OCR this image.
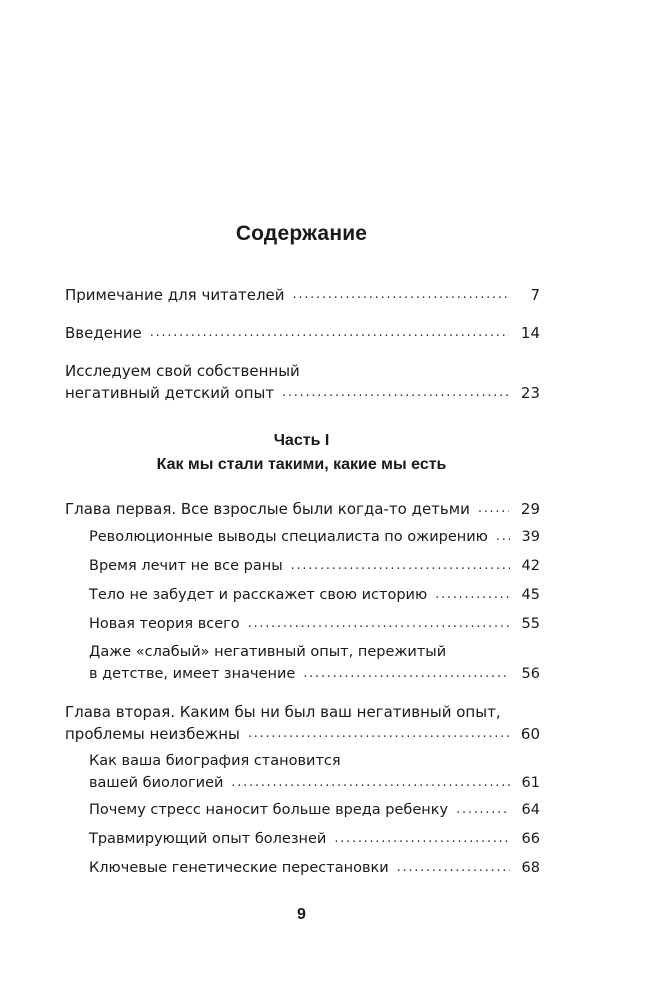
Содержание
Примечание для читателей . . .	7
Введение . . .	14
Исследуем свой собственный
негативный детский опыт . . .	23
Часть I
Как мы стали такими, какие мы есть
Глава первая. Все взрослые были когда-то детьми . . .	29
Революционные выводы специалиста по ожирению . . . 39
Время лечит не все раны . . .	42
Тело не забудет и расскажет свою историю . . .	45
Новая теория всего . . .	55
Даже «слабый» негативный опыт, пережитый
в детстве, имеет значение . . .	56
Глава вторая. Каким бы ни был ваш негативный опыт,
проблемы неизбежны . . .	60
Как ваша биография становится
вашей биологией . . .	61
Почему стресс наносит больше вреда ребенку . . .	64
Травмирующий опыт болезней . . .	66
Ключевые генетические перестановки . . .	68
9
